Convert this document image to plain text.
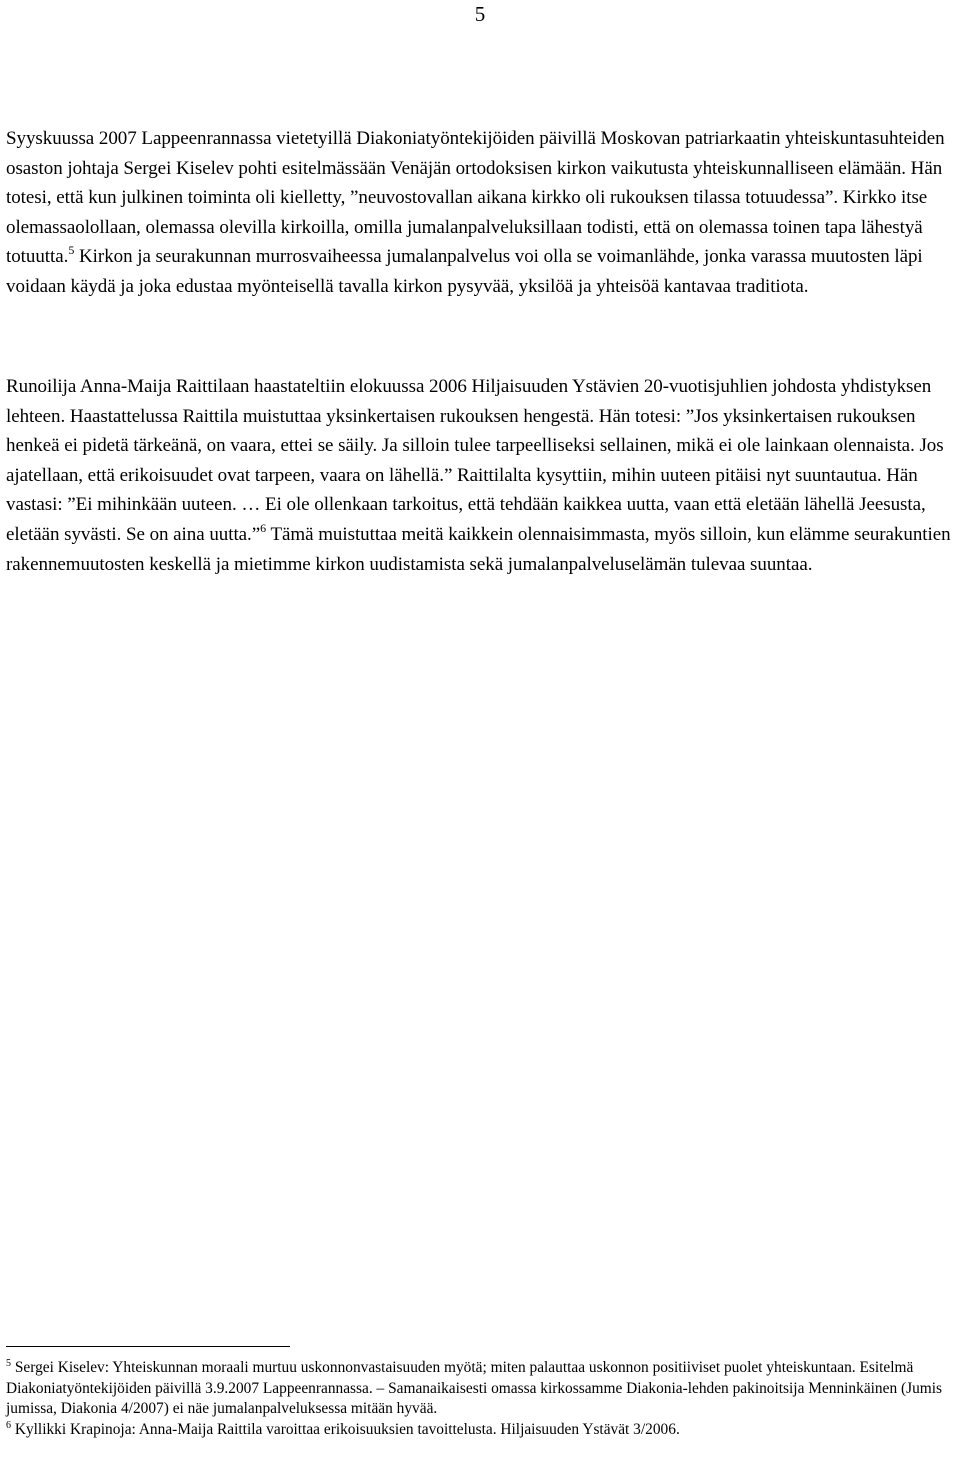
5

Syyskuussa 2007 Lappeenrannassa vietetyillä Diakoniatyöntekijöiden päivillä Moskovan patriarkaatin yhteiskuntasuhteiden osaston johtaja Sergei Kiselev pohti esitelmässään Venäjän ortodoksisen kirkon vaikutusta yhteiskunnalliseen elämään. Hän totesi, että kun julkinen toiminta oli kielletty, ”neuvostovallan aikana kirkko oli rukouksen tilassa totuudessa”. Kirkko itse olemassaolollaan, olemassa olevilla kirkoilla, omilla jumalanpalveluksillaan todisti, että on olemassa toinen tapa lähestyä totuutta.$^5$ Kirkon ja seurakunnan murrosvaiheessa jumalanpalvelus voi olla se voimanlähde, jonka varassa muutosten läpi voidaan käydä ja joka edustaa myönteisellä tavalla kirkon pysyvää, yksilöä ja yhteisöä kantavaa traditiota.

Runoilija Anna-Maija Raittilaan haastateltiin elokuussa 2006 Hiljaisuuden Ystävien 20-vuotisjuhlien johdosta yhdistyksen lehteen. Haastattelussa Raittila muistuttaa yksinkertaisen rukouksen hengestä. Hän totesi: ”Jos yksinkertaisen rukouksen henkeä ei pidetä tärkeänä, on vaara, ettei se säily. Ja silloin tulee tarpeelliseksi sellainen, mikä ei ole lainkaan olennaista. Jos ajatellaan, että erikoisuudet ovat tarpeen, vaara on lähellä.” Raittilalta kysyttiin, mihin uuteen pitäisi nyt suuntautua. Hän vastasi: ”Ei mihinkään uuteen. … Ei ole ollenkaan tarkoitus, että tehdään kaikkea uutta, vaan että eletään lähellä Jeesusta, eletään syvästi. Se on aina uutta.”$^6$ Tämä muistuttaa meitä kaikkein olennaisimmasta, myös silloin, kun elämme seurakuntien rakennemuutosten keskellä ja mietimme kirkon uudistamista sekä jumalanpalveluselämän tulevaa suuntaa.

$^5$ Sergei Kiselev: Yhteiskunnan moraali murtuu uskonnonvastaisuuden myötä; miten palauttaa uskonnon positiiviset puolet yhteiskuntaan. Esitelmä Diakoniatyöntekijöiden päivillä 3.9.2007 Lappeenrannassa. – Samanaikaisesti omassa kirkossamme Diakonia-lehden pakinoitsija Menninkäinen (Jumis jumissa, Diakonia 4/2007) ei näe jumalanpalveluksessa mitään hyvää.

$^6$ Kyllikki Krapinoja: Anna-Maija Raittila varoittaa erikoisuuksien tavoittelusta. Hiljaisuuden Ystävät 3/2006.
